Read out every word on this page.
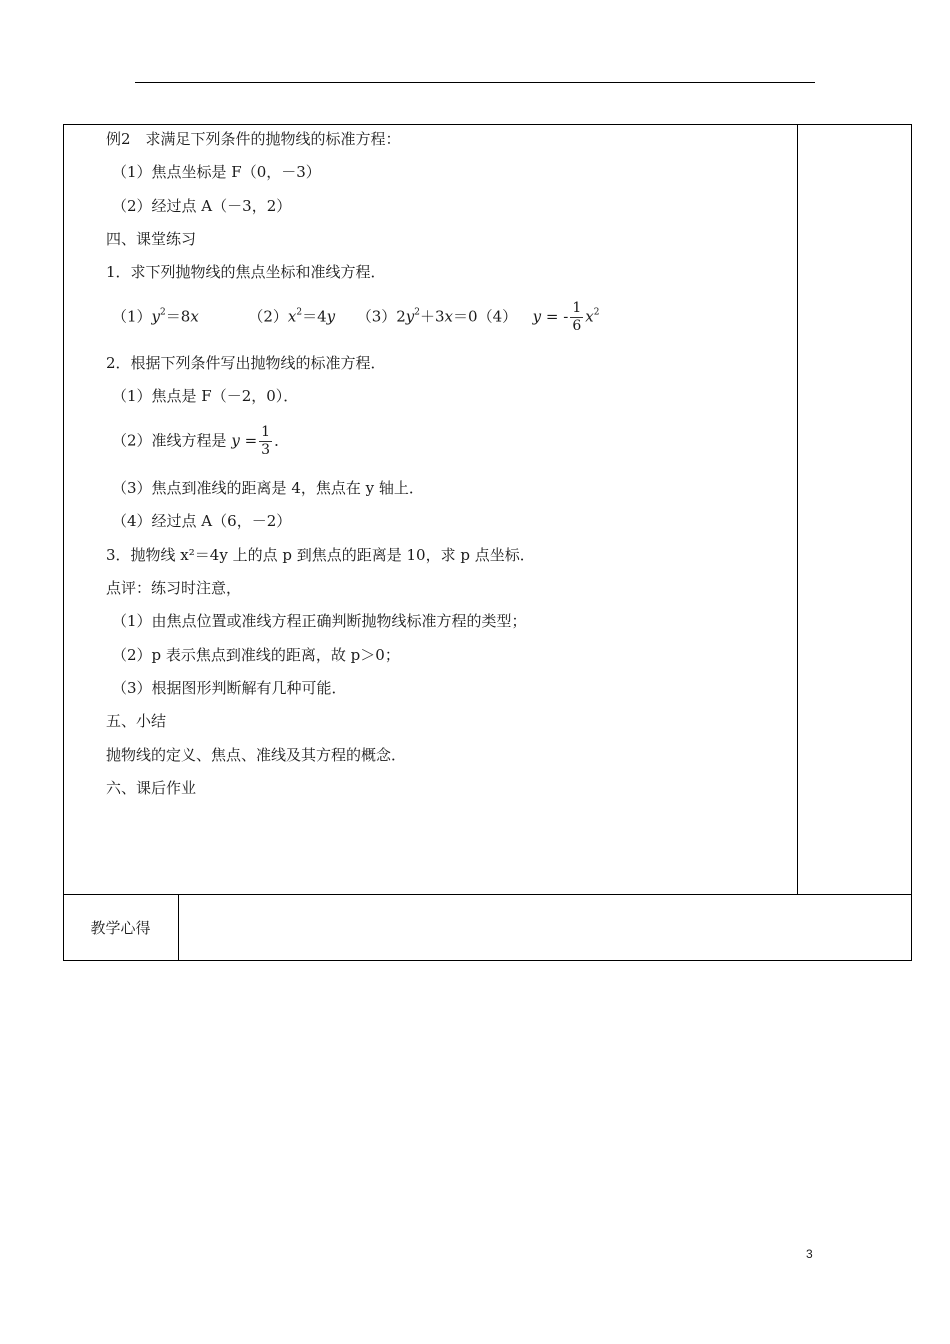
例2　求满足下列条件的抛物线的标准方程：
（1）焦点坐标是 F（0，－3）
（2）经过点 A（－3，2）
四、课堂练习
1．求下列抛物线的焦点坐标和准线方程．
$(1)y^2=8x$	$(2)x^2=4y$ $(3)2y^2+3x=0(4) y$ = - $\frac{1}{6} x^2$
2．根据下列条件写出抛物线的标准方程．
（1）焦点是 F（－2，0）．
（2）准线方程是 $y = \frac{1}{3}$ ．
（3）焦点到准线的距离是 4，焦点在 y 轴上．
（4）经过点 A（6，－2）
3．抛物线 x²＝4y 上的点 p 到焦点的距离是 10，求 p 点坐标．
点评：练习时注意，
（1）由焦点位置或准线方程正确判断抛物线标准方程的类型；
（2）p 表示焦点到准线的距离，故 p＞0；
（3）根据图形判断解有几种可能．
五、小结
抛物线的定义、焦点、准线及其方程的概念．
六、课后作业
教学心得
3
